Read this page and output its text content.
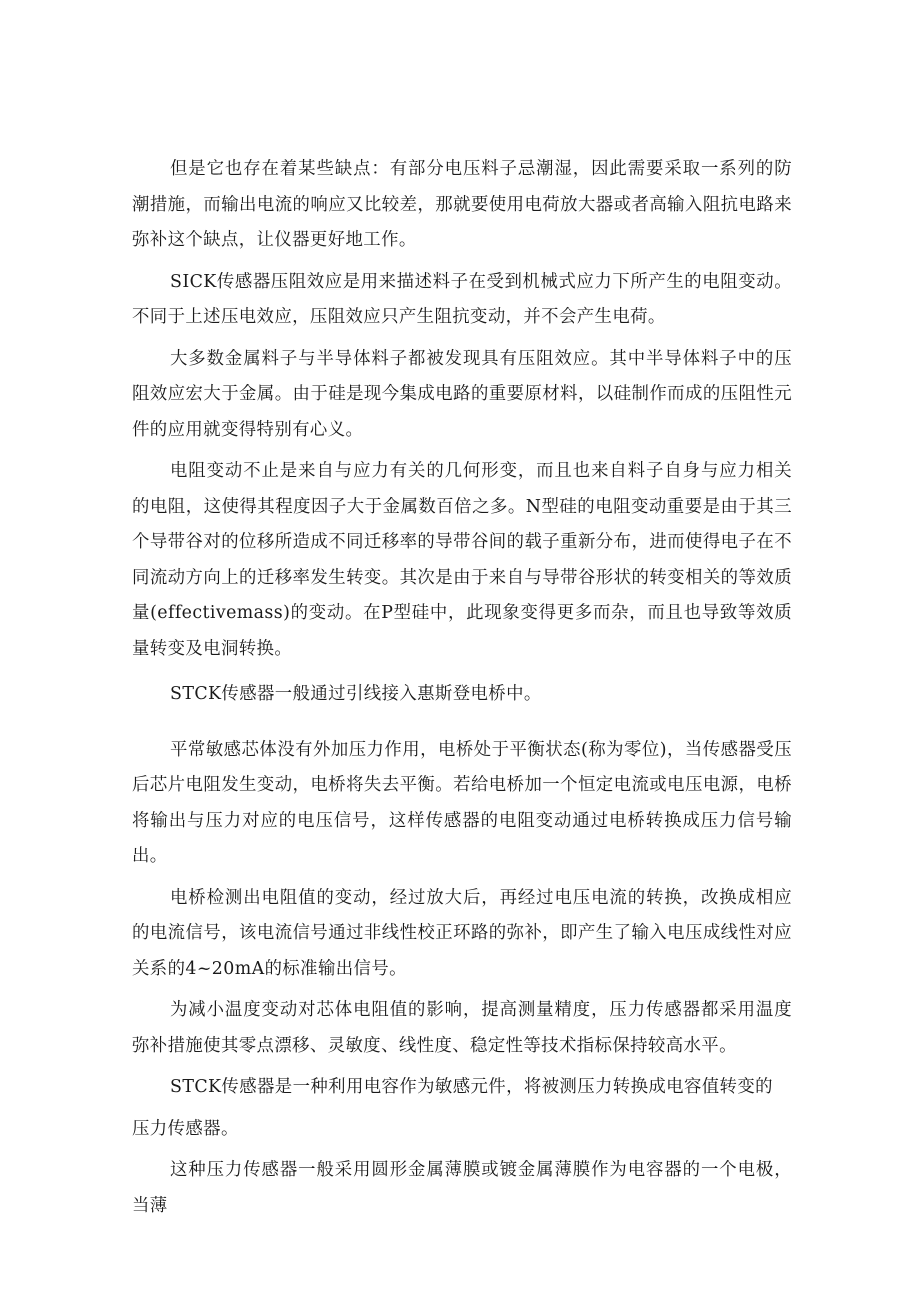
但是它也存在着某些缺点：有部分电压料子忌潮湿，因此需要采取一系列的防潮措施，而输出电流的响应又比较差，那就要使用电荷放大器或者高输入阻抗电路来弥补这个缺点，让仪器更好地工作。

SICK传感器压阻效应是用来描述料子在受到机械式应力下所产生的电阻变动。不同于上述压电效应，压阻效应只产生阻抗变动，并不会产生电荷。

大多数金属料子与半导体料子都被发现具有压阻效应。其中半导体料子中的压阻效应宏大于金属。由于硅是现今集成电路的重要原材料，以硅制作而成的压阻性元件的应用就变得特别有心义。

电阻变动不止是来自与应力有关的几何形变，而且也来自料子自身与应力相关的电阻，这使得其程度因子大于金属数百倍之多。N型硅的电阻变动重要是由于其三个导带谷对的位移所造成不同迁移率的导带谷间的载子重新分布，进而使得电子在不同流动方向上的迁移率发生转变。其次是由于来自与导带谷形状的转变相关的等效质量(effectivemass)的变动。在P型硅中，此现象变得更多而杂，而且也导致等效质量转变及电洞转换。

STCK传感器一般通过引线接入惠斯登电桥中。

平常敏感芯体没有外加压力作用，电桥处于平衡状态(称为零位)，当传感器受压后芯片电阻发生变动，电桥将失去平衡。若给电桥加一个恒定电流或电压电源，电桥将输出与压力对应的电压信号，这样传感器的电阻变动通过电桥转换成压力信号输出。

电桥检测出电阻值的变动，经过放大后，再经过电压电流的转换，改换成相应的电流信号，该电流信号通过非线性校正环路的弥补，即产生了输入电压成线性对应关系的4~20mA的标准输出信号。

为减小温度变动对芯体电阻值的影响，提高测量精度，压力传感器都采用温度弥补措施使其零点漂移、灵敏度、线性度、稳定性等技术指标保持较高水平。

STCK传感器是一种利用电容作为敏感元件，将被测压力转换成电容值转变的

压力传感器。

这种压力传感器一般采用圆形金属薄膜或镀金属薄膜作为电容器的一个电极，当薄
